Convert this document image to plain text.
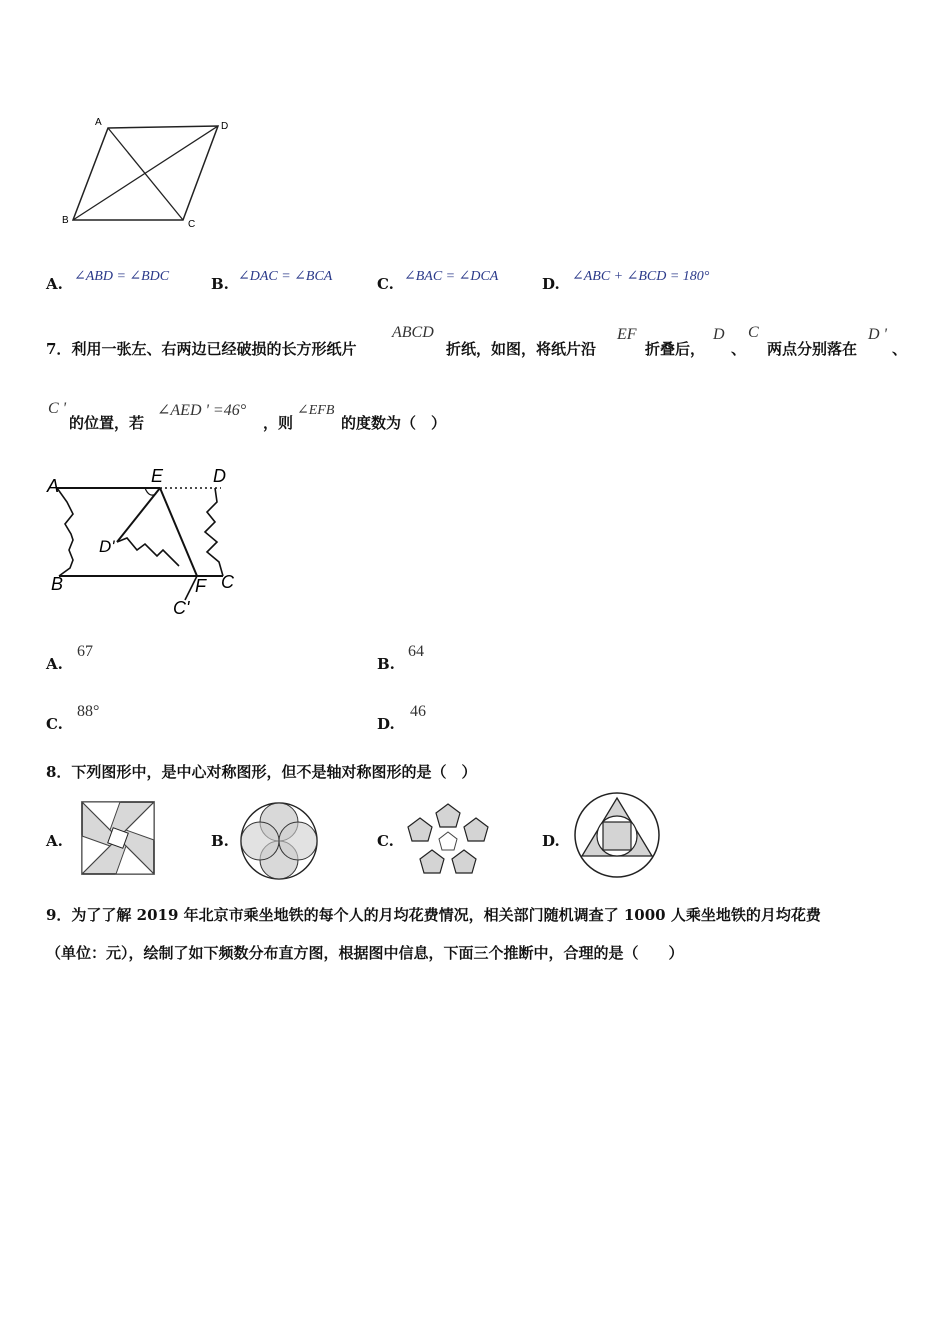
A	D
B	C
A. ∠ABD = ∠BDC	B. ∠DAC = ∠BCA	C. ∠BAC = ∠DCA	D. ∠ABC + ∠BCD = 180°
7．利用一张左、右两边已经破损的长方形纸片
ABCD
折纸，如图，将纸片沿
EF
折叠后，
D
、
C
两点分别落在
D '
、
C '
的位置，若
∠AED ' =46°
，则
∠EFB
的度数为（　）
A	E	D
D'
B	F C
C'
A.
67
B.
64
C.
88°
D.
46
8．下列图形中，是中心对称图形，但不是轴对称图形的是（　）
A.	B.	C.	D.
9．为了了解 2019 年北京市乘坐地铁的每个人的月均花费情况，相关部门随机调查了 1000 人乘坐地铁的月均花费
（单位：元），绘制了如下频数分布直方图，根据图中信息，下面三个推断中，合理的是（　　）
